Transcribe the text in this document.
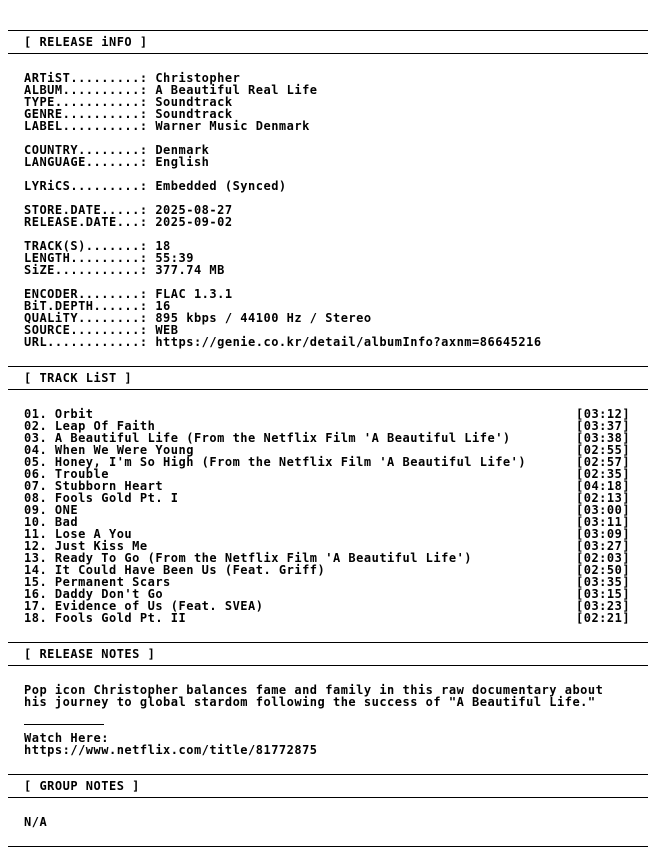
[ RELEASE iNFO ]
ARTiST.........: Christopher
ALBUM..........: A Beautiful Real Life
TYPE...........: Soundtrack
GENRE..........: Soundtrack
LABEL..........: Warner Music Denmark
COUNTRY........: Denmark
LANGUAGE.......: English
LYRiCS.........: Embedded (Synced)
STORE.DATE.....: 2025-08-27
RELEASE.DATE...: 2025-09-02
TRACK(S).......: 18
LENGTH.........: 55:39
SiZE...........: 377.74 MB
ENCODER........: FLAC 1.3.1
BiT.DEPTH......: 16
QUALiTY........: 895 kbps / 44100 Hz / Stereo
SOURCE.........: WEB
URL............: https://genie.co.kr/detail/albumInfo?axnm=86645216
[ TRACK LiST ]
01. Orbit	[03:12]
02. Leap Of Faith	[03:37]
03. A Beautiful Life (From the Netflix Film 'A Beautiful Life')	[03:38]
04. When We Were Young	[02:55]
05. Honey, I'm So High (From the Netflix Film 'A Beautiful Life')	[02:57]
06. Trouble	[02:35]
07. Stubborn Heart	[04:18]
08. Fools Gold Pt. I	[02:13]
09. ONE	[03:00]
10. Bad	[03:11]
11. Lose A You	[03:09]
12. Just Kiss Me	[03:27]
13. Ready To Go (From the Netflix Film 'A Beautiful Life')	[02:03]
14. It Could Have Been Us (Feat. Griff)	[02:50]
15. Permanent Scars	[03:35]
16. Daddy Don't Go	[03:15]
17. Evidence of Us (Feat. SVEA)	[03:23]
18. Fools Gold Pt. II	[02:21]
[ RELEASE NOTES ]
Pop icon Christopher balances fame and family in this raw documentary about
his journey to global stardom following the success of "A Beautiful Life."
Watch Here:
https://www.netflix.com/title/81772875
[ GROUP NOTES ]
N/A
